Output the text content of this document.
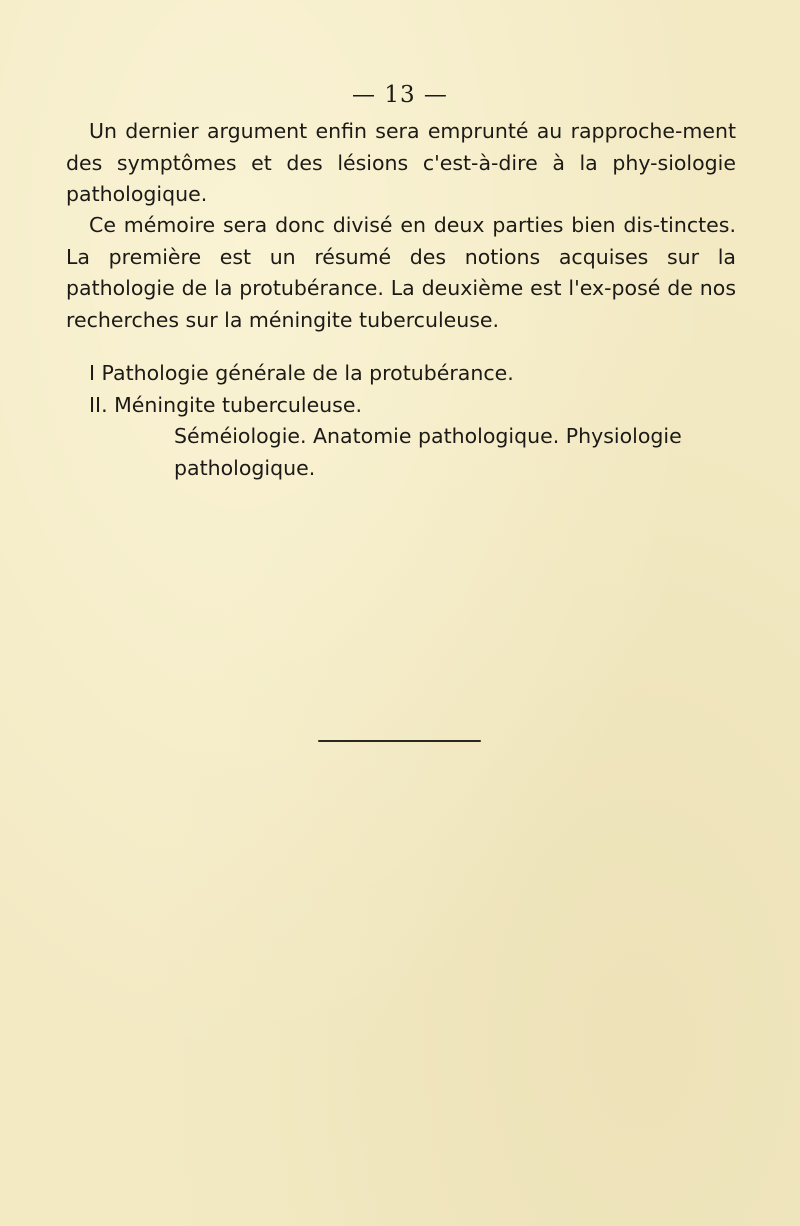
— 13 —

Un dernier argument enfin sera emprunté au rapproche-ment des symptômes et des lésions c'est-à-dire à la phy-siologie pathologique.

Ce mémoire sera donc divisé en deux parties bien dis-tinctes. La première est un résumé des notions acquises sur la pathologie de la protubérance. La deuxième est l'ex-posé de nos recherches sur la méningite tuberculeuse.

I Pathologie générale de la protubérance.
II. Méningite tuberculeuse.
Séméiologie. Anatomie pathologique. Physiologie pathologique.
